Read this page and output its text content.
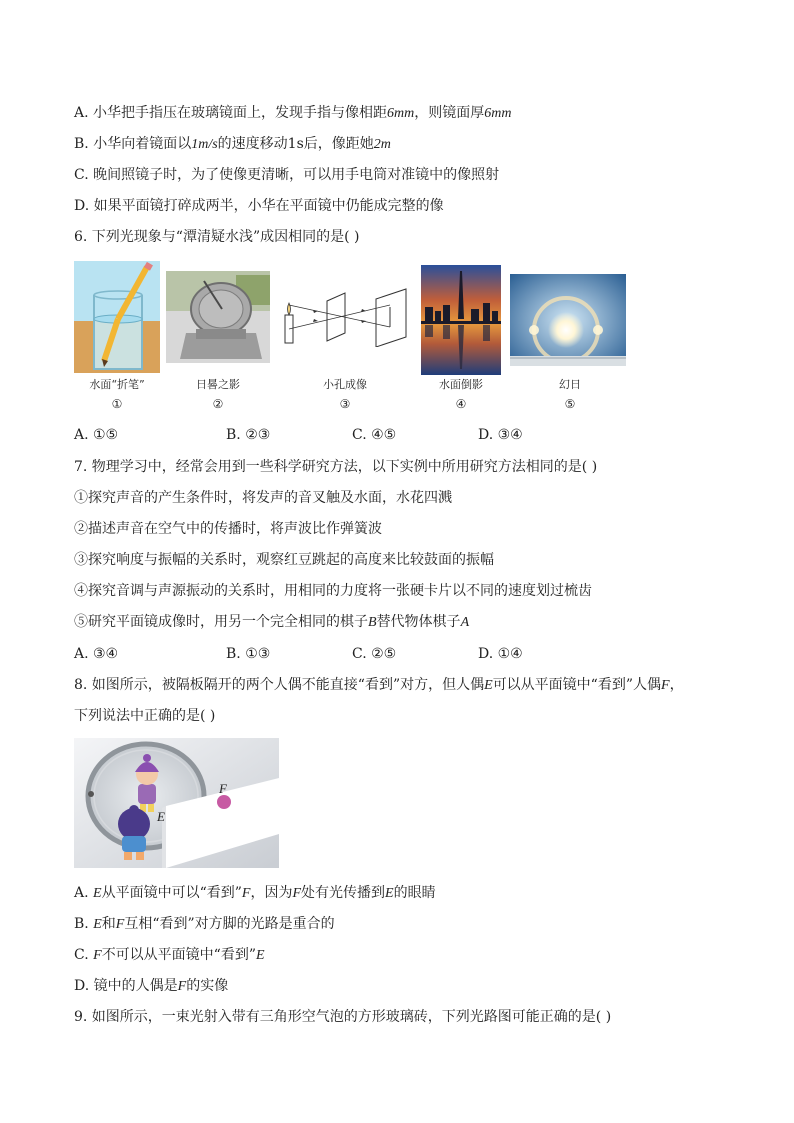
A. 小华把手指压在玻璃镜面上，发现手指与像相距6mm，则镜面厚6mm
B. 小华向着镜面以1m/s的速度移动1s后，像距她2m
C. 晚间照镜子时，为了使像更清晰，可以用手电筒对准镜中的像照射
D. 如果平面镜打碎成两半，小华在平面镜中仍能成完整的像
6. 下列光现象与“潭清疑水浅”成因相同的是( )
水面“折笔”	日晷之影	小孔成像	水面倒影	幻日
①	②	③	④	⑤
A. ①⑤	B. ②③	C. ④⑤	D. ③④
7. 物理学习中，经常会用到一些科学研究方法，以下实例中所用研究方法相同的是( )
①探究声音的产生条件时，将发声的音叉触及水面，水花四溅
②描述声音在空气中的传播时，将声波比作弹簧波
③探究响度与振幅的关系时，观察红豆跳起的高度来比较鼓面的振幅
④探究音调与声源振动的关系时，用相同的力度将一张硬卡片以不同的速度划过梳齿
⑤研究平面镜成像时，用另一个完全相同的棋子B替代物体棋子A
A. ③④	B. ①③	C. ②⑤	D. ①④
8. 如图所示，被隔板隔开的两个人偶不能直接“看到”对方，但人偶E可以从平面镜中“看到”人偶F，
下列说法中正确的是( )
F
E
A. E从平面镜中可以“看到”F，因为F处有光传播到E的眼睛
B. E和F互相“看到”对方脚的光路是重合的
C. F不可以从平面镜中“看到”E
D. 镜中的人偶是F的实像
9. 如图所示，一束光射入带有三角形空气泡的方形玻璃砖，下列光路图可能正确的是( )
